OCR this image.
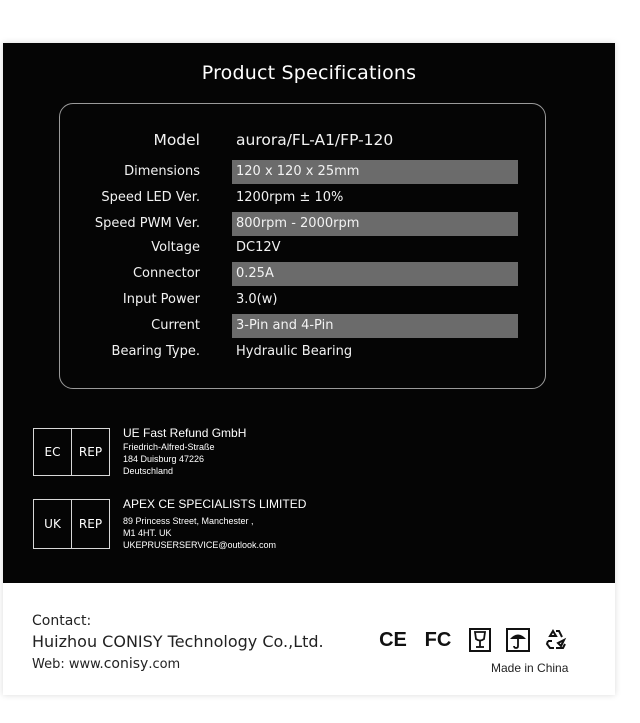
Product Specifications
Model aurora/FL-A1/FP-120
Dimensions	120 x 120 x 25mm
Speed LED Ver.	1200rpm ± 10%
Speed PWM Ver.	800rpm - 2000rpm
Voltage	DC12V
Connector	0.25A
Input Power	3.0(w)
Current	3-Pin and 4-Pin
Bearing Type.	Hydraulic Bearing
EC	REP
UE Fast Refund GmbH
Friedrich-Alfred-Straße
184 Duisburg 47226
Deutschland
UK	REP
APEX CE SPECIALISTS LIMITED
89 Princess Street, Manchester ,
M1 4HT. UK
UKEPRUSERSERVICE@outlook.com
Contact:
Huizhou CONISY Technology Co.,Ltd.
Web: www.conisy.com
CE FC
Made in China
